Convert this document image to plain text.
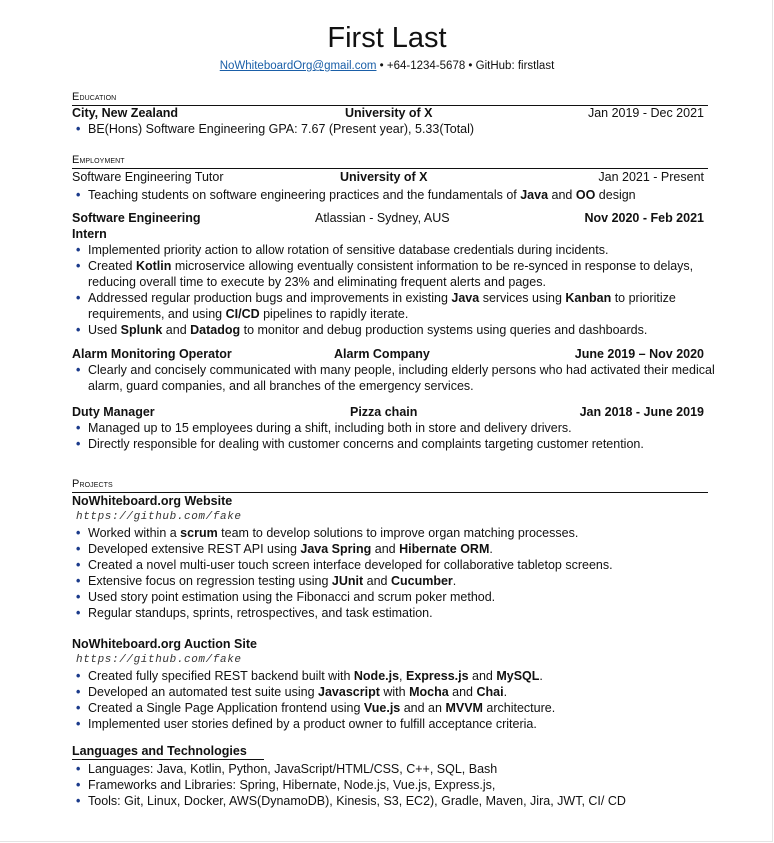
First Last
NoWhiteboardOrg@gmail.com • +64-1234-5678 • GitHub: firstlast
Education
City, New Zealand	University of X	Jan 2019 - Dec 2021
• BE(Hons) Software Engineering GPA: 7.67 (Present year), 5.33(Total)
Employment
Software Engineering Tutor	University of X	Jan 2021 - Present
• Teaching students on software engineering practices and the fundamentals of Java and OO design
Software Engineering
Intern
Atlassian - Sydney, AUS	Nov 2020 - Feb 2021
• Implemented priority action to allow rotation of sensitive database credentials during incidents.
• Created Kotlin microservice allowing eventually consistent information to be re-synced in response to delays, reducing overall time to execute by 23% and eliminating frequent alerts and pages.
• Addressed regular production bugs and improvements in existing Java services using Kanban to prioritize requirements, and using CI/CD pipelines to rapidly iterate.
• Used Splunk and Datadog to monitor and debug production systems using queries and dashboards.
Alarm Monitoring Operator	Alarm Company	June 2019 – Nov 2020
• Clearly and concisely communicated with many people, including elderly persons who had activated their medical alarm, guard companies, and all branches of the emergency services.
Duty Manager	Pizza chain	Jan 2018 - June 2019
• Managed up to 15 employees during a shift, including both in store and delivery drivers.
• Directly responsible for dealing with customer concerns and complaints targeting customer retention.
Projects
NoWhiteboard.org Website
https://github.com/fake
• Worked within a scrum team to develop solutions to improve organ matching processes.
• Developed extensive REST API using Java Spring and Hibernate ORM.
• Created a novel multi-user touch screen interface developed for collaborative tabletop screens.
• Extensive focus on regression testing using JUnit and Cucumber.
• Used story point estimation using the Fibonacci and scrum poker method.
• Regular standups, sprints, retrospectives, and task estimation.
NoWhiteboard.org Auction Site
https://github.com/fake
• Created fully specified REST backend built with Node.js, Express.js and MySQL.
• Developed an automated test suite using Javascript with Mocha and Chai.
• Created a Single Page Application frontend using Vue.js and an MVVM architecture.
• Implemented user stories defined by a product owner to fulfill acceptance criteria.
Languages and Technologies
• Languages: Java, Kotlin, Python, JavaScript/HTML/CSS, C++, SQL, Bash
• Frameworks and Libraries: Spring, Hibernate, Node.js, Vue.js, Express.js,
• Tools: Git, Linux, Docker, AWS(DynamoDB), Kinesis, S3, EC2), Gradle, Maven, Jira, JWT, CI/ CD
